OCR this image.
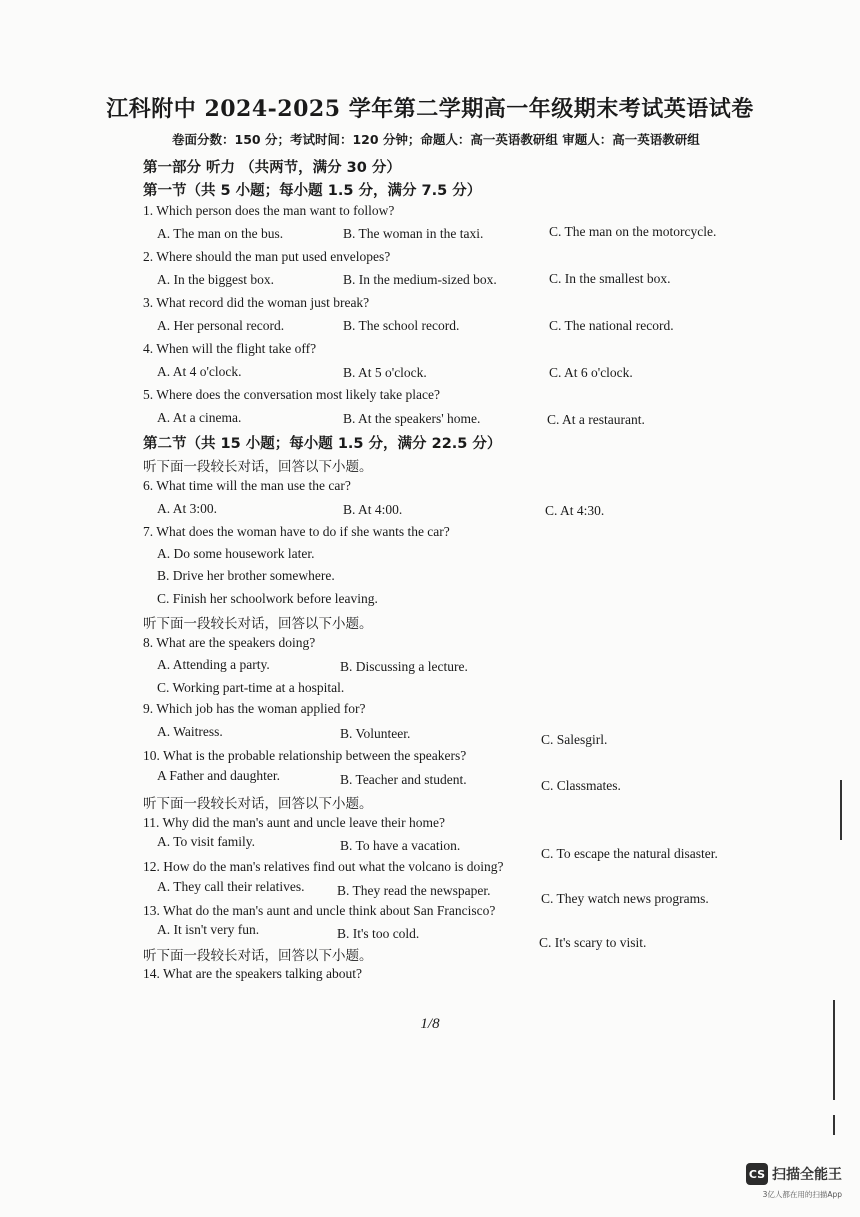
江科附中 2024-2025 学年第二学期高一年级期末考试英语试卷
卷面分数：150 分；考试时间：120 分钟；命题人：高一英语教研组 审题人：高一英语教研组
第一部分 听力 （共两节，满分 30 分）
第一节（共 5 小题；每小题 1.5 分，满分 7.5 分）
1. Which person does the man want to follow?
A. The man on the bus.	B. The woman in the taxi.	C. The man on the motorcycle.
2. Where should the man put used envelopes?
A. In the biggest box.	B. In the medium-sized box.	C. In the smallest box.
3. What record did the woman just break?
A. Her personal record.	B. The school record.	C. The national record.
4. When will the flight take off?
A. At 4 o'clock.	B. At 5 o'clock.	C. At 6 o'clock.
5. Where does the conversation most likely take place?
A. At a cinema.	B. At the speakers' home.	C. At a restaurant.
第二节（共 15 小题；每小题 1.5 分，满分 22.5 分）
听下面一段较长对话，回答以下小题。
6. What time will the man use the car?
A. At 3:00.	B. At 4:00.	C. At 4:30.
7. What does the woman have to do if she wants the car?
A. Do some housework later.
B. Drive her brother somewhere.
C. Finish her schoolwork before leaving.
听下面一段较长对话，回答以下小题。
8. What are the speakers doing?
A. Attending a party.	B. Discussing a lecture.
C. Working part-time at a hospital.
9. Which job has the woman applied for?
A. Waitress.	B. Volunteer.	C. Salesgirl.
10. What is the probable relationship between the speakers?
A Father and daughter.	B. Teacher and student.	C. Classmates.
听下面一段较长对话，回答以下小题。
11. Why did the man's aunt and uncle leave their home?
A. To visit family.	B. To have a vacation.
C. To escape the natural disaster.
12. How do the man's relatives find out what the volcano is doing?
A. They call their relatives. B. They read the newspaper.
C. They watch news programs.
13. What do the man's aunt and uncle think about San Francisco?
A. It isn't very fun.	B. It's too cold.
C. It's scary to visit.
听下面一段较长对话，回答以下小题。
14. What are the speakers talking about?
1/8
CS 扫描全能王
3亿人都在用的扫描App
